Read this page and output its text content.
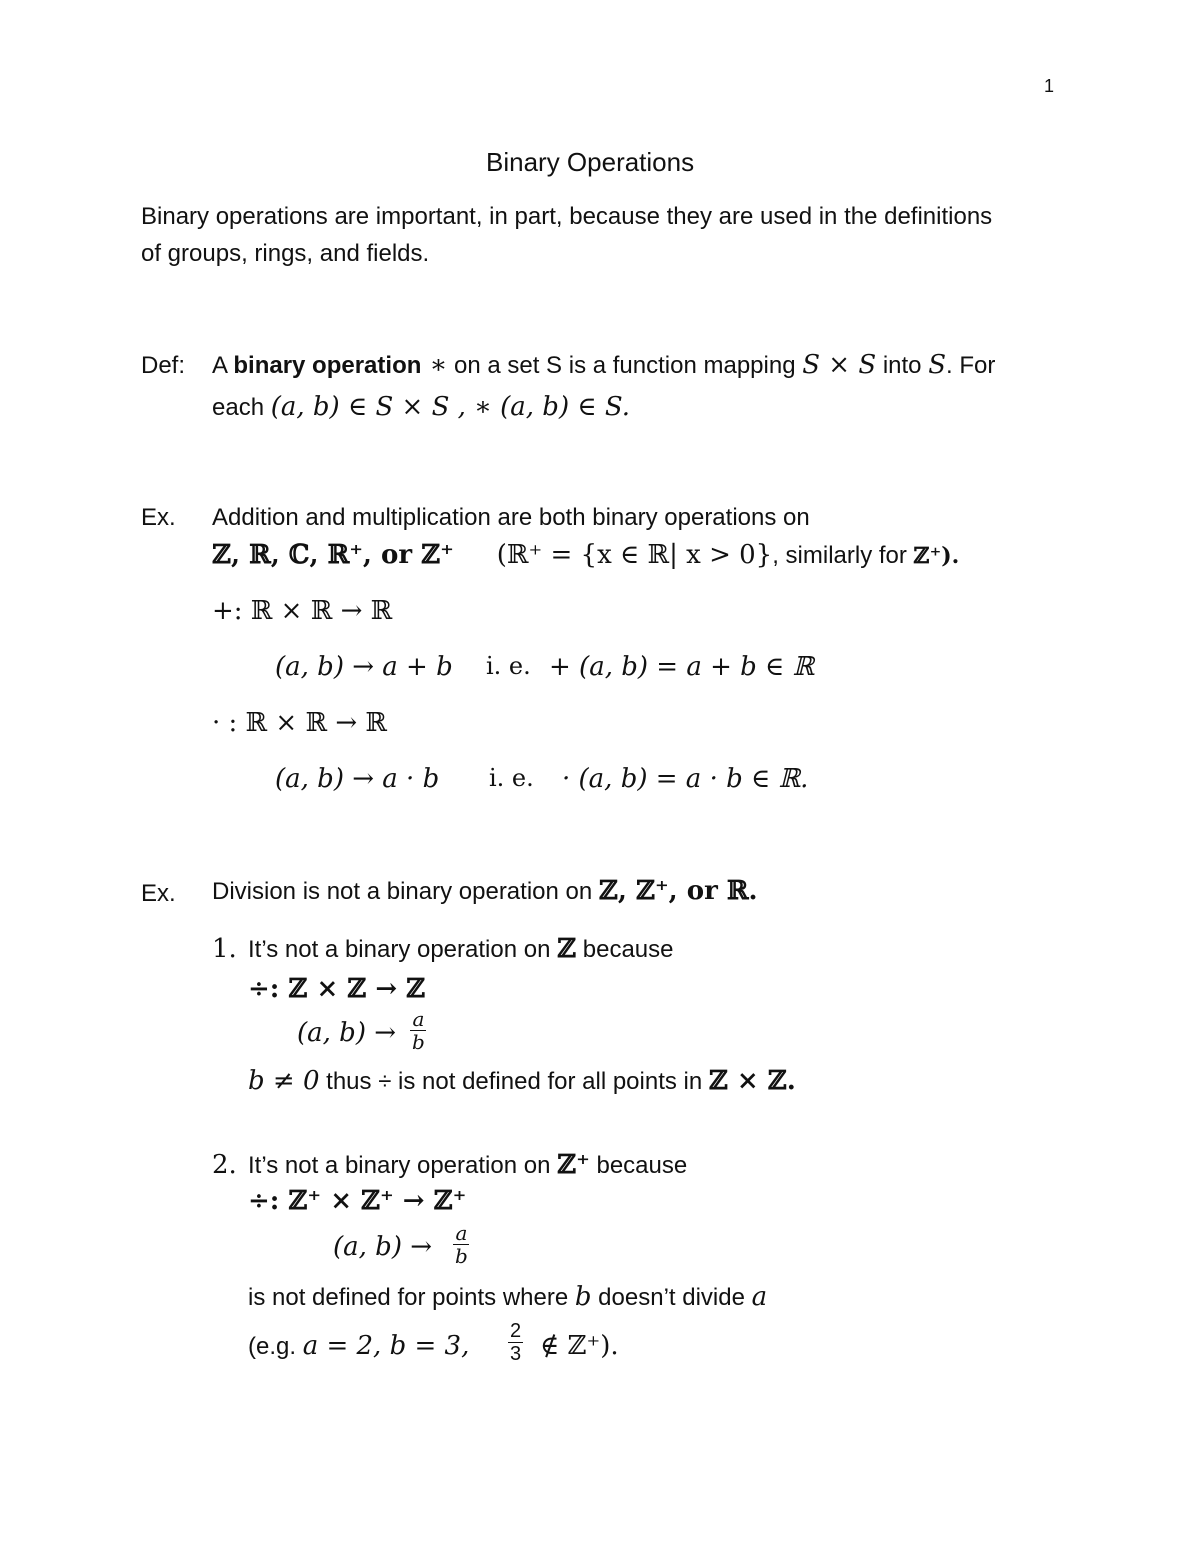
1
Binary Operations
Binary operations are important, in part, because they are used in the definitions
of groups, rings, and fields.
Def: A binary operation ∗ on a set S is a function mapping S × S into S. For
each (a, b) ∈ S × S , ∗ (a, b) ∈ S.
Ex. Addition and multiplication are both binary operations on
ℤ, ℝ, ℂ, ℝ⁺, or ℤ⁺ (ℝ⁺ = {x ∈ ℝ| x > 0}, similarly for ℤ⁺).
+: ℝ × ℝ → ℝ
(a, b) → a + b i. e. + (a, b) = a + b ∈ ℝ
· : ℝ × ℝ → ℝ
(a, b) → a · b i. e. · (a, b) = a · b ∈ ℝ.
Ex. Division is not a binary operation on ℤ, ℤ⁺, or ℝ.
1. It’s not a binary operation on ℤ because
÷: ℤ × ℤ → ℤ
(a, $b) \to \frac{a}{b}$
b ≠ 0 thus ÷ is not defined for all points in ℤ × ℤ.
2. It’s not a binary operation on ℤ⁺ because
÷: ℤ⁺ × ℤ⁺ → ℤ⁺
(a, $b) \to \frac{a}{b}$
is not defined for points where b doesn’t divide a
(e.g. a = 2, b = 3, $\frac{2}{3}$ ∉ ℤ⁺).
